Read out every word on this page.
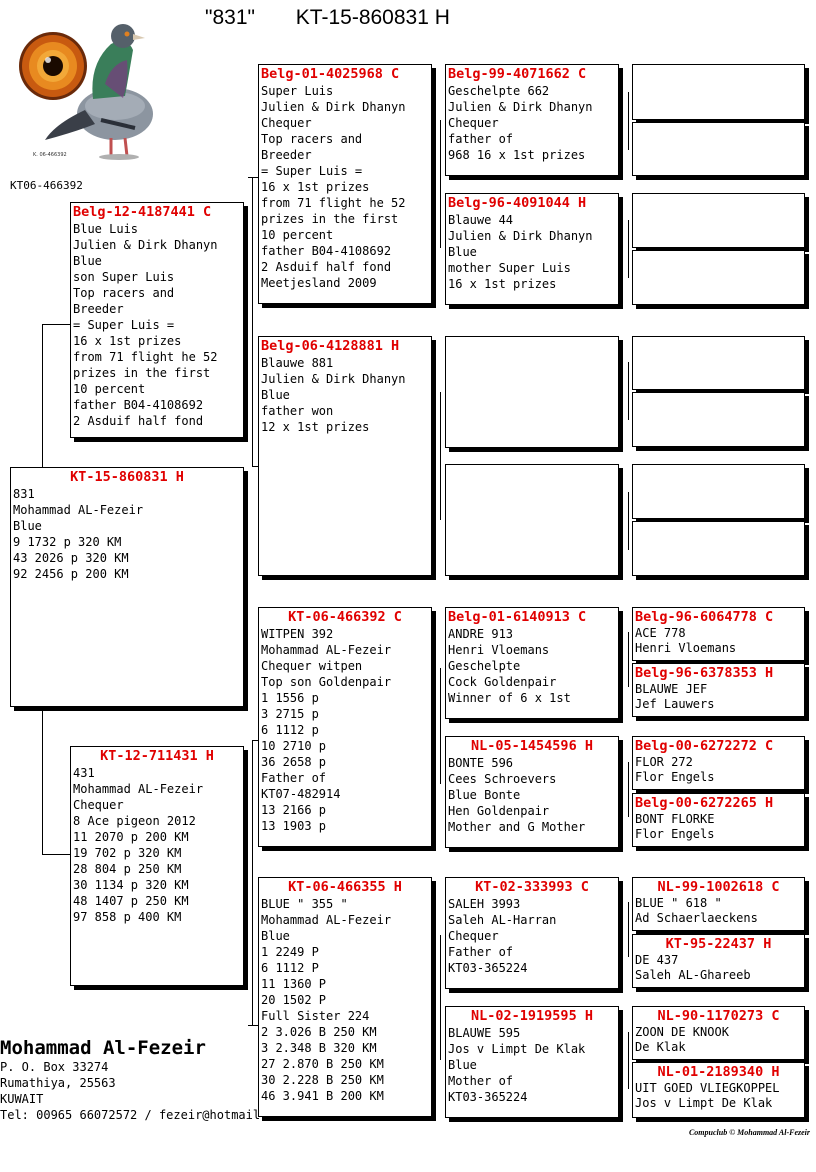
"831" KT-15-860831 H
K. 06-466392
KT06-466392
KT-15-860831 H
831
Mohammad AL-Fezeir
Blue
9 1732 p 320 KM
43 2026 p 320 KM
92 2456 p 200 KM
Belg-12-4187441 C
Blue Luis
Julien & Dirk Dhanyn
Blue
son Super Luis
Top racers and
Breeder
= Super Luis =
16 x 1st prizes
from 71 flight he 52
prizes in the first
10 percent
father B04-4108692
2 Asduif half fond
KT-12-711431 H
431
Mohammad AL-Fezeir
Chequer
8 Ace pigeon 2012
11 2070 p 200 KM
19 702 p 320 KM
28 804 p 250 KM
30 1134 p 320 KM
48 1407 p 250 KM
97 858 p 400 KM
Belg-01-4025968 C
Super Luis
Julien & Dirk Dhanyn
Chequer
Top racers and
Breeder
= Super Luis =
16 x 1st prizes
from 71 flight he 52
prizes in the first
10 percent
father B04-4108692
2 Asduif half fond
Meetjesland 2009
Belg-06-4128881 H
Blauwe 881
Julien & Dirk Dhanyn
Blue
father won
12 x 1st prizes
KT-06-466392 C
WITPEN 392
Mohammad AL-Fezeir
Chequer witpen
Top son Goldenpair
1 1556 p
3 2715 p
6 1112 p
10 2710 p
36 2658 p
Father of
KT07-482914
13 2166 p
13 1903 p
KT-06-466355 H
BLUE " 355 "
Mohammad AL-Fezeir
Blue
1 2249 P
6 1112 P
11 1360 P
20 1502 P
Full Sister 224
2 3.026 B 250 KM
3 2.348 B 320 KM
27 2.870 B 250 KM
30 2.228 B 250 KM
46 3.941 B 200 KM
Belg-99-4071662 C
Geschelpte 662
Julien & Dirk Dhanyn
Chequer
father of
968 16 x 1st prizes
Belg-96-4091044 H
Blauwe 44
Julien & Dirk Dhanyn
Blue
mother Super Luis
16 x 1st prizes
Belg-01-6140913 C
ANDRE 913
Henri Vloemans
Geschelpte
Cock Goldenpair
Winner of 6 x 1st
NL-05-1454596 H
BONTE 596
Cees Schroevers
Blue Bonte
Hen Goldenpair
Mother and G Mother
KT-02-333993 C
SALEH 3993
Saleh AL-Harran
Chequer
Father of
KT03-365224
NL-02-1919595 H
BLAUWE 595
Jos v Limpt De Klak
Blue
Mother of
KT03-365224
Belg-96-6064778 C
ACE 778
Henri Vloemans
Belg-96-6378353 H
BLAUWE JEF
Jef Lauwers
Belg-00-6272272 C
FLOR 272
Flor Engels
Belg-00-6272265 H
BONT FLORKE
Flor Engels
NL-99-1002618 C
BLUE " 618 "
Ad Schaerlaeckens
KT-95-22437 H
DE 437
Saleh AL-Ghareeb
NL-90-1170273 C
ZOON DE KNOOK
De Klak
NL-01-2189340 H
UIT GOED VLIEGKOPPEL
Jos v Limpt De Klak
Mohammad Al-Fezeir
P. O. Box 33274
Rumathiya, 25563
KUWAIT
Tel: 00965 66072572 / fezeir@hotmail.
Compuclub © Mohammad Al-Fezeir
